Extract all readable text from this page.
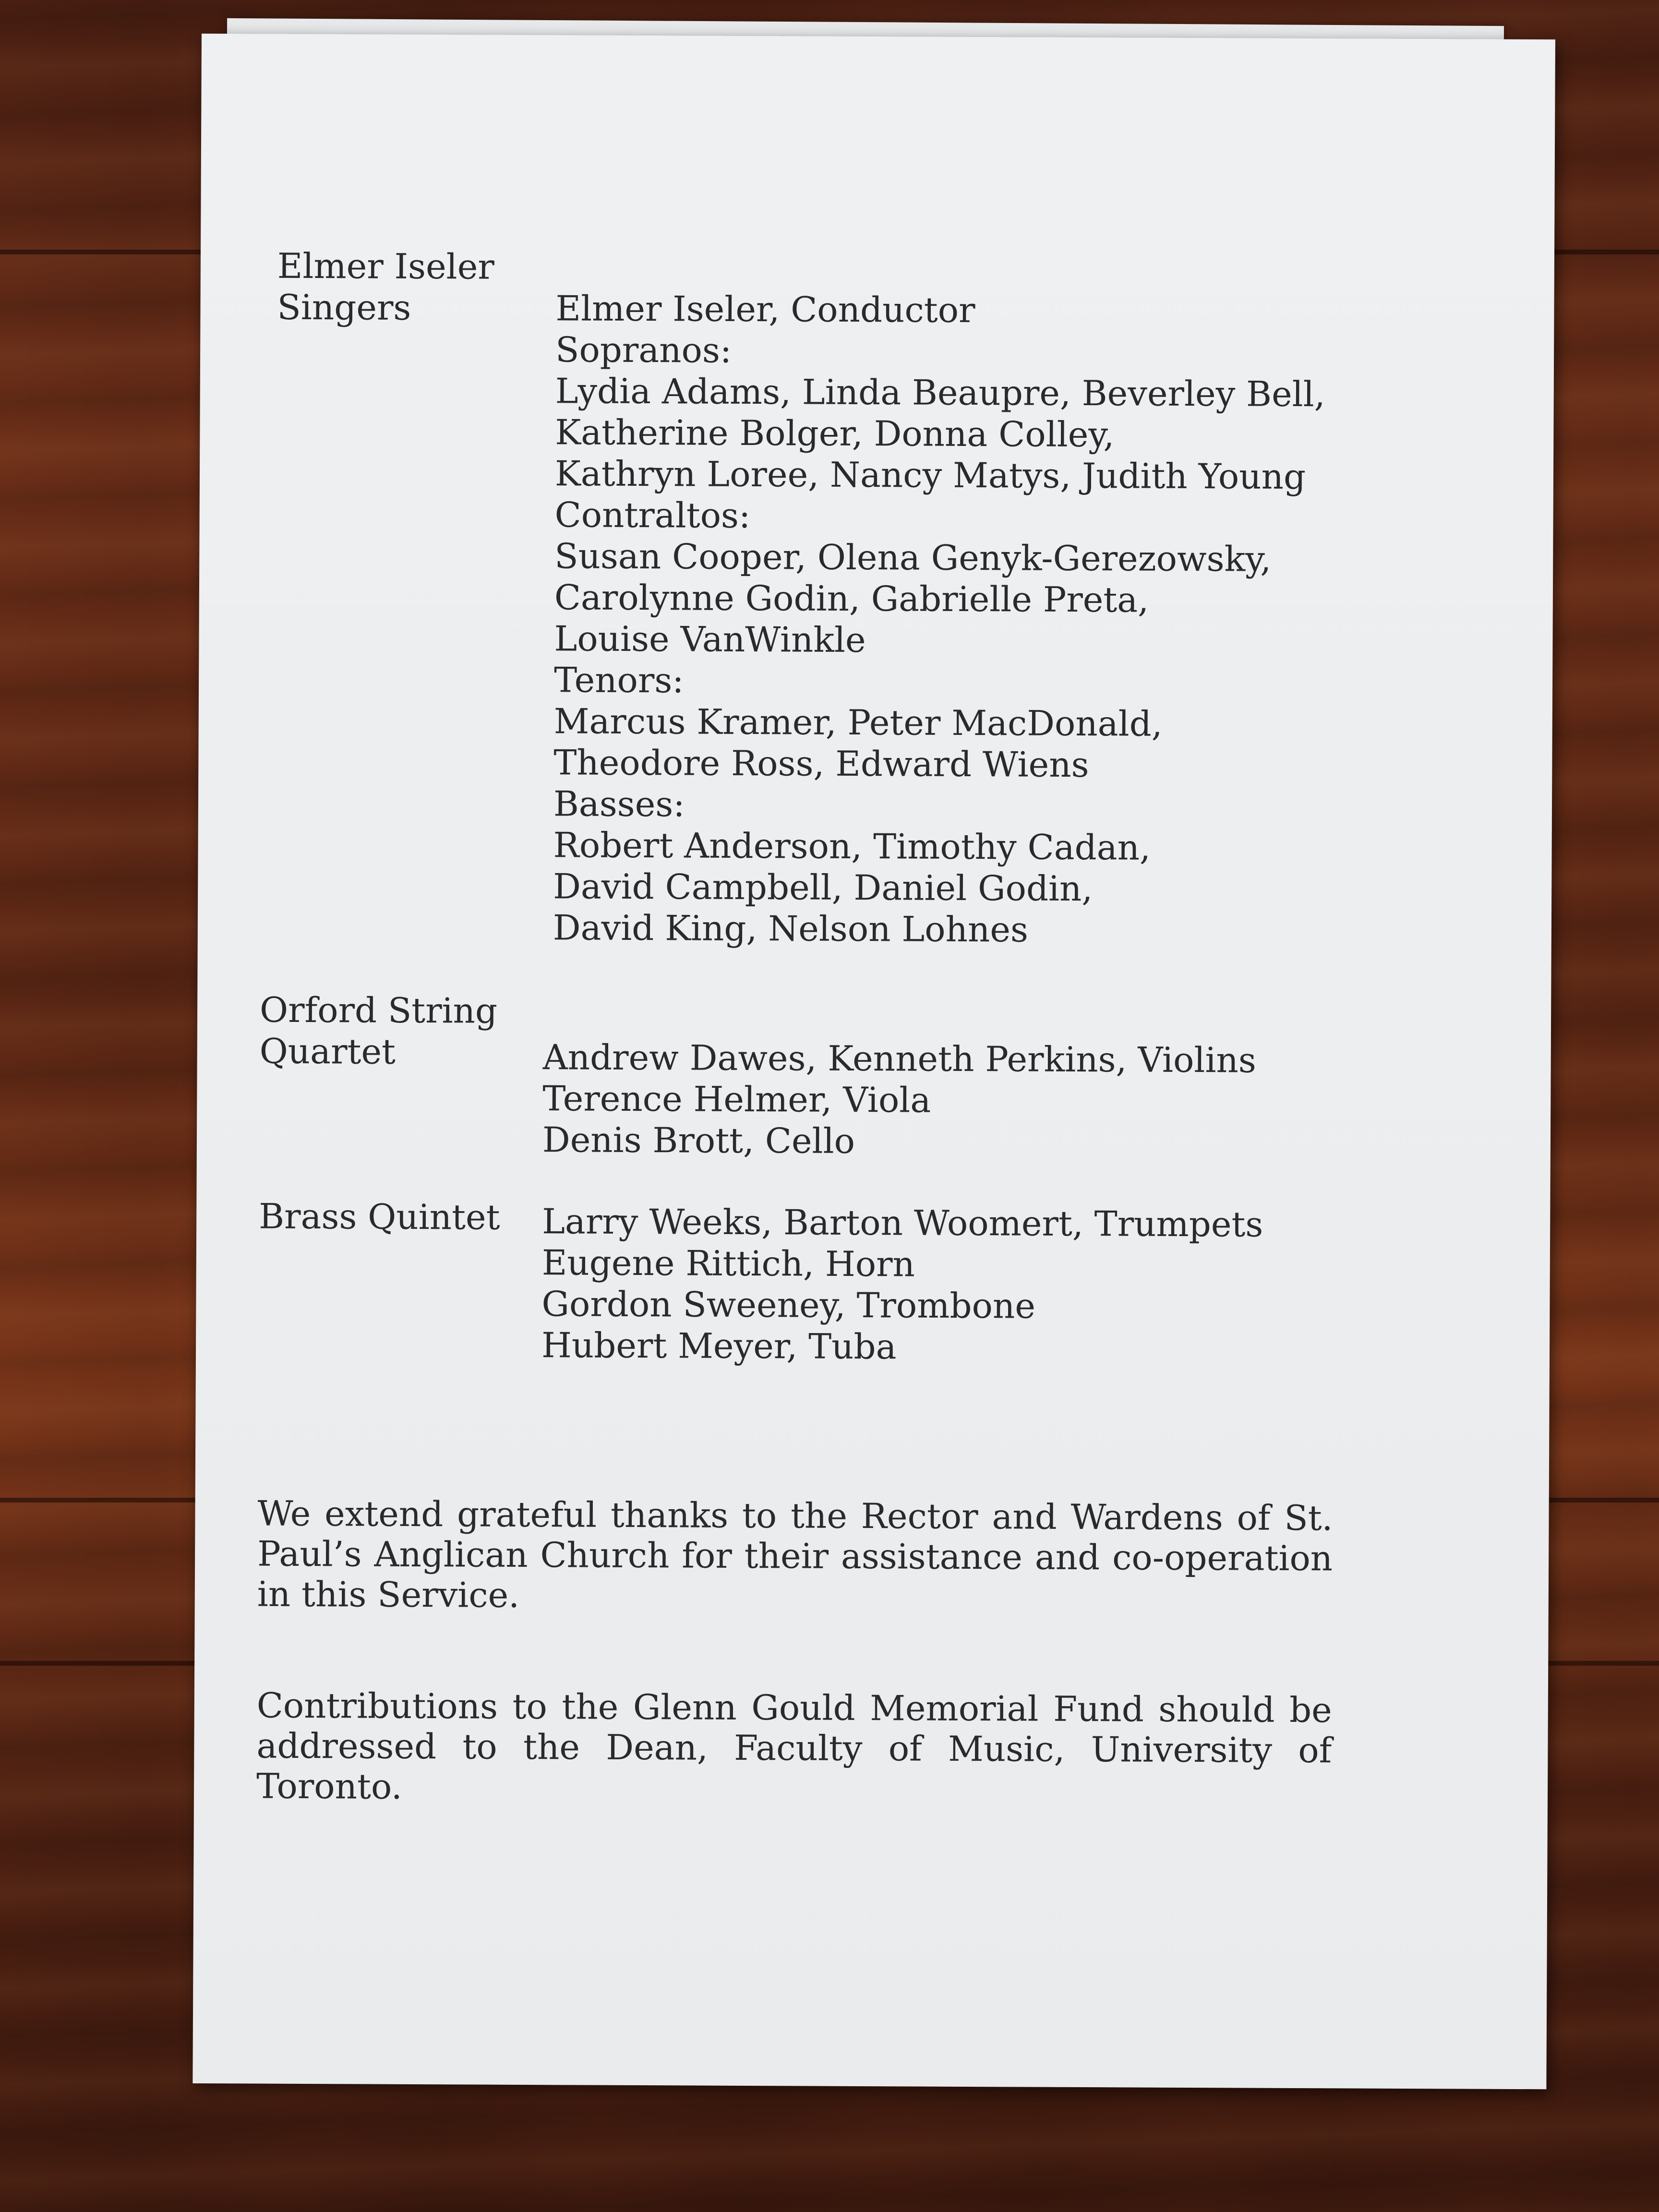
Elmer Iseler
Singers	Elmer Iseler, Conductor
Sopranos:
Lydia Adams, Linda Beaupre, Beverley Bell,
Katherine Bolger, Donna Colley,
Kathryn Loree, Nancy Matys, Judith Young
Contraltos:
Susan Cooper, Olena Genyk-Gerezowsky,
Carolynne Godin, Gabrielle Preta,
Louise VanWinkle
Tenors:
Marcus Kramer, Peter MacDonald,
Theodore Ross, Edward Wiens
Basses:
Robert Anderson, Timothy Cadan,
David Campbell, Daniel Godin,
David King, Nelson Lohnes
Orford String
Quartet	Andrew Dawes, Kenneth Perkins, Violins
Terence Helmer, Viola
Denis Brott, Cello
Brass Quintet	Larry Weeks, Barton Woomert, Trumpets
Eugene Rittich, Horn
Gordon Sweeney, Trombone
Hubert Meyer, Tuba
We extend grateful thanks to the Rector and Wardens of St. Paul’s Anglican Church for their assistance and co-operation in this Service.
Contributions to the Glenn Gould Memorial Fund should be addressed to the Dean, Faculty of Music, University of Toronto.
